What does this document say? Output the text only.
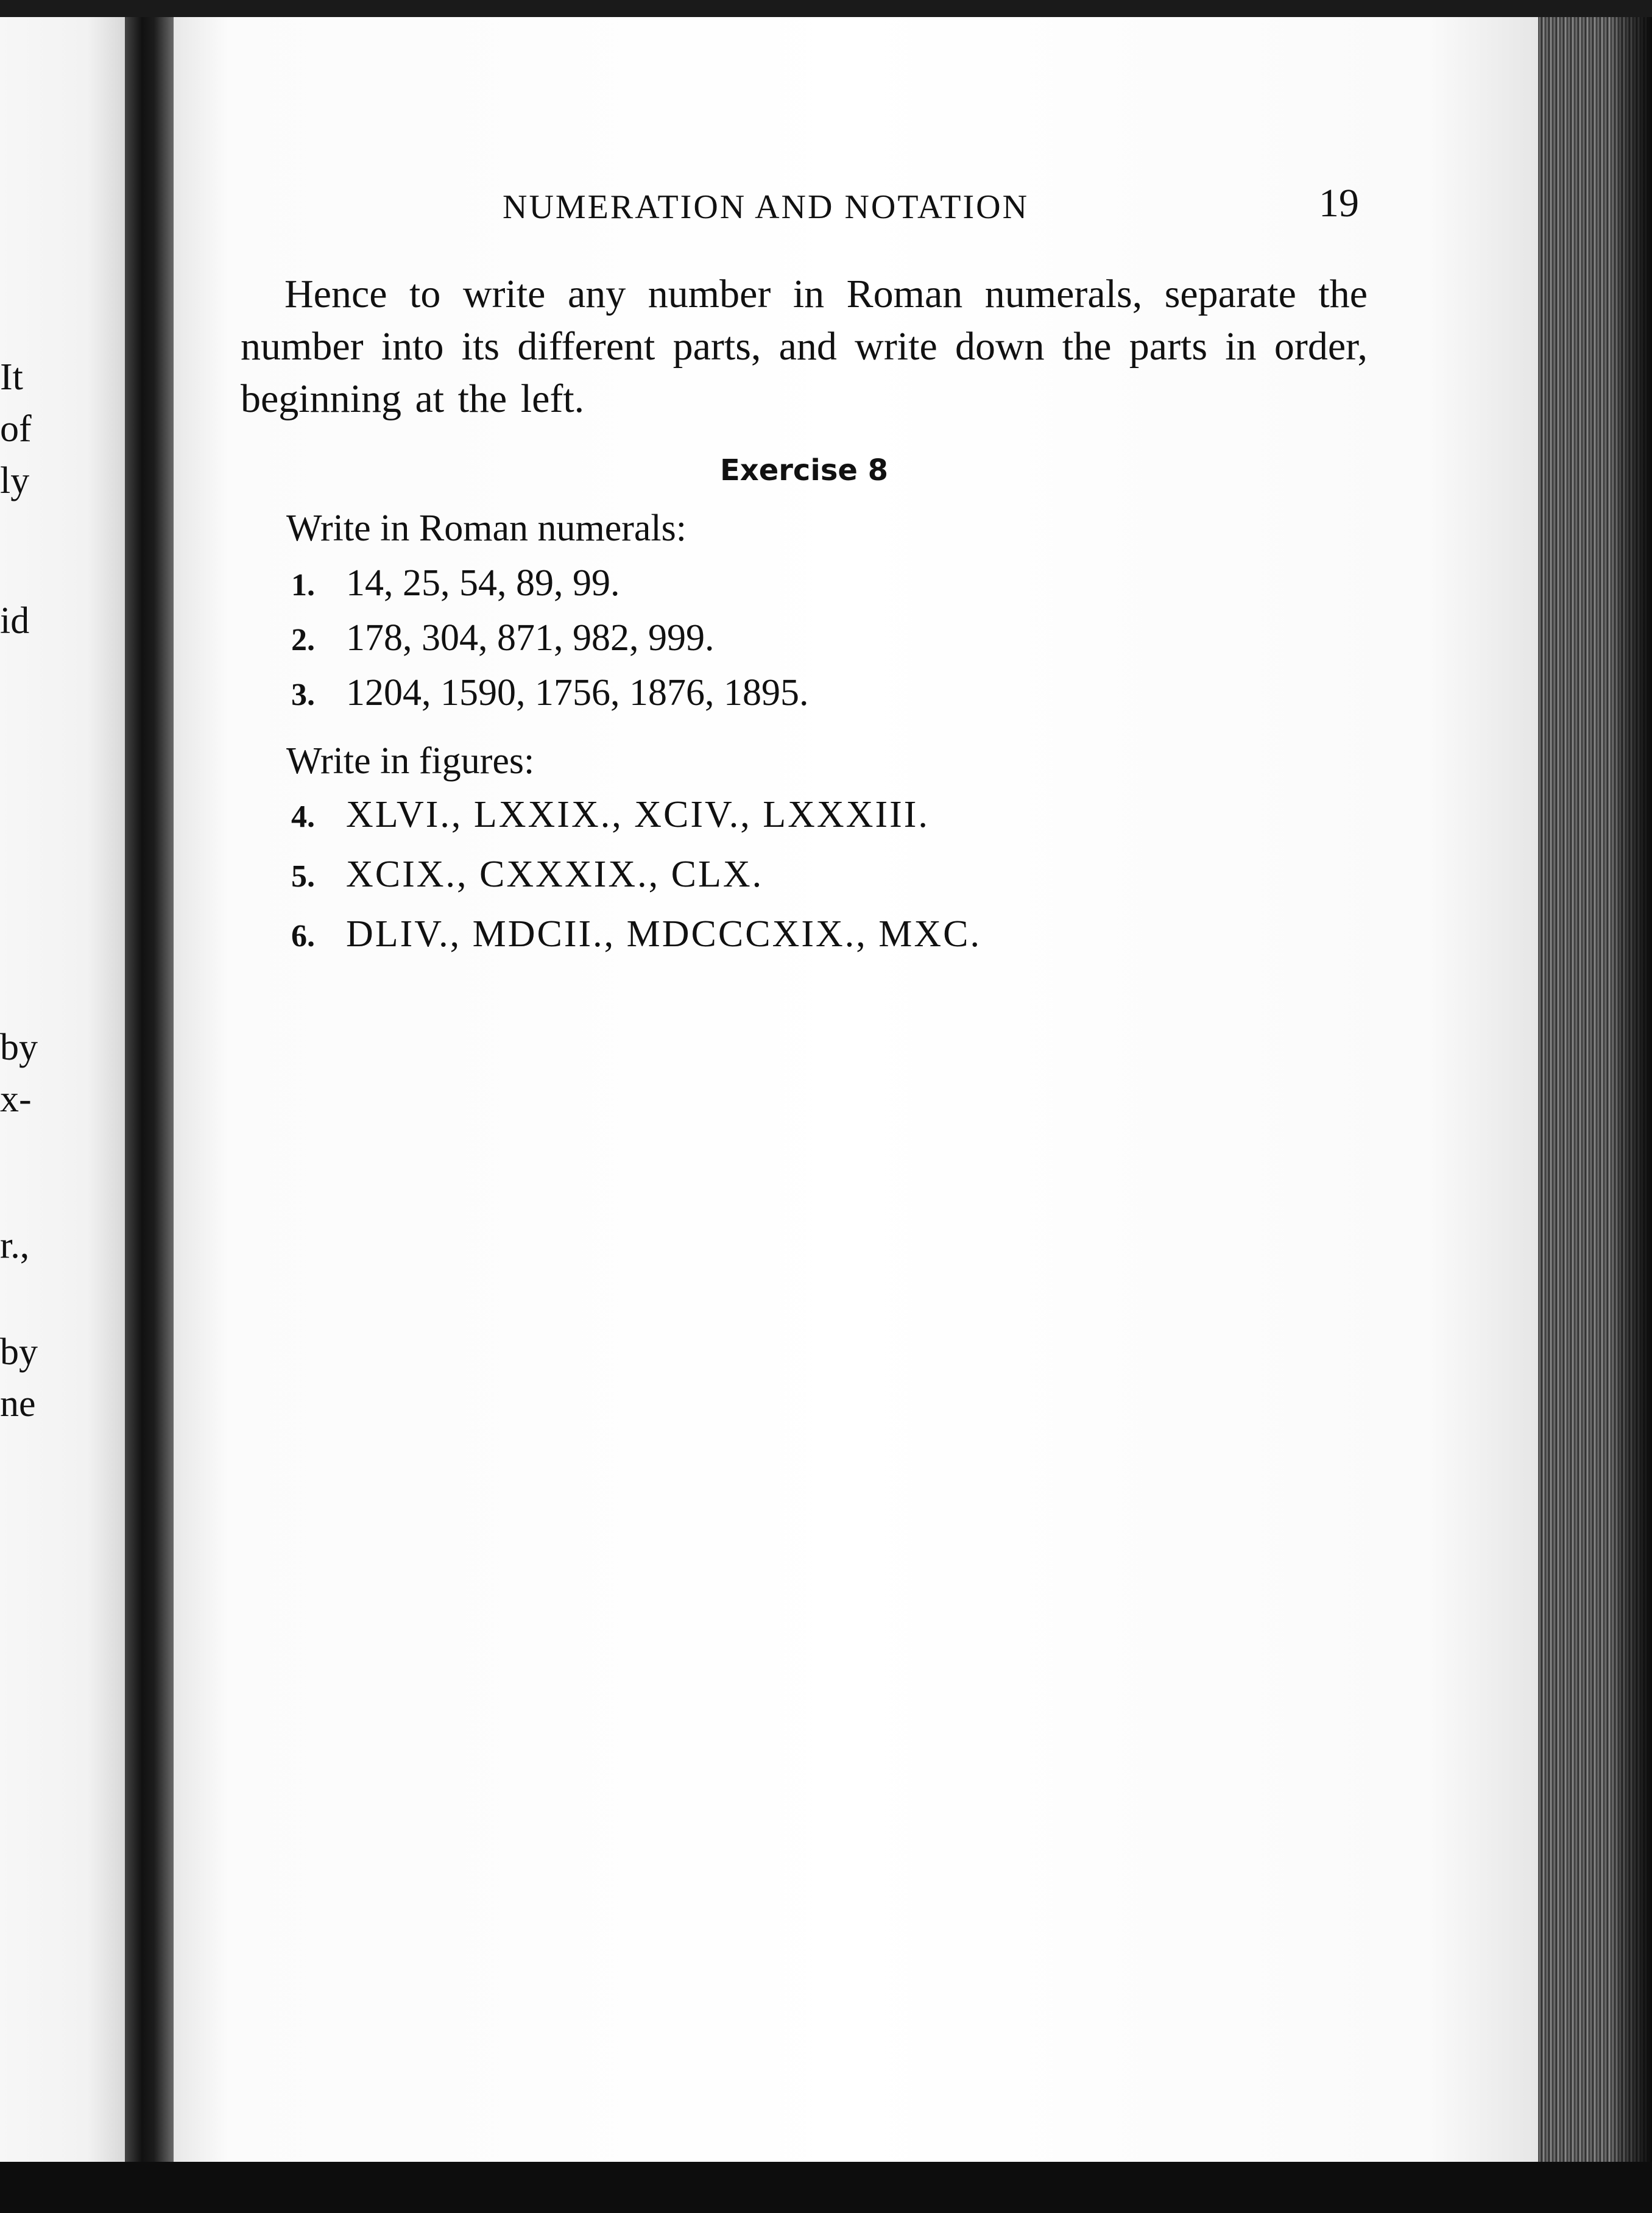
It
of
ly
id
by
x-
r.,
by
ne
NUMERATION AND NOTATION	19
Hence to write any number in Roman numerals, separate the number into its different parts, and write down the parts in order, beginning at the left.
Exercise 8
Write in Roman numerals:
1. 14, 25, 54, 89, 99.
2. 178, 304, 871, 982, 999.
3. 1204, 1590, 1756, 1876, 1895.
Write in figures:
4. XLVI., LXXIX., XCIV., LXXXIII.
5. XCIX., CXXXIX., CLX.
6. DLIV., MDCII., MDCCCXIX., MXC.
